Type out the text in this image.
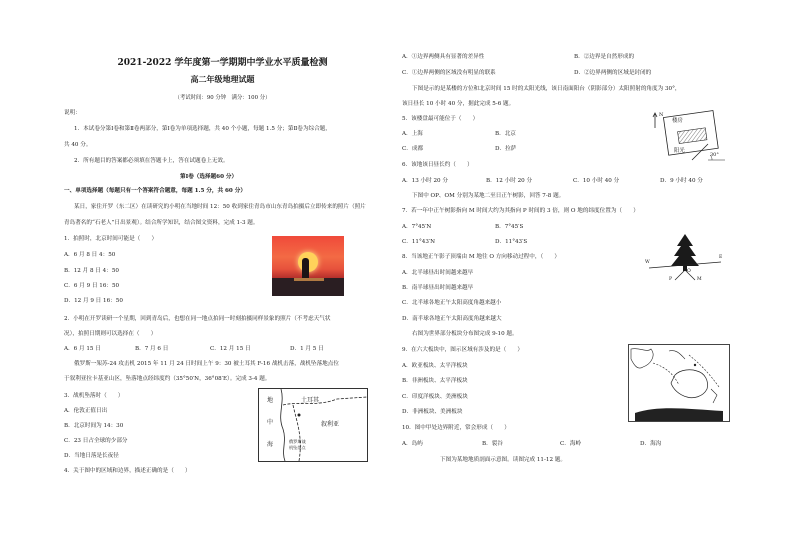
2021-2022 学年度第一学期期中学业水平质量检测
高二年级地理试题
（考试时间：90 分钟　满分：100 分）
说明：
1．本试卷分第Ⅰ卷和第Ⅱ卷两部分，第Ⅰ卷为单项选择题，共 40 个小题，每题 1.5 分；第Ⅱ卷为综合题，
共 40 分。
2．所有题目的答案都必须填在答题卡上，答在试题卷上无效。
第Ⅰ卷（选择题60 分）
一、单项选择题（每题只有一个答案符合题意，每题 1.5 分，共 60 分）
某日，家住开罗（东二区）在读研究的小明在当地时间 12：50 收到家住青岛市山东青岛拍摄后立即传来的照片（照片
青岛著名的“石老人”日出景观）。结合所学知识，结合图文资料，完成 1-3 题。
1．拍照时，北京时间可能是（　　）
A．6 月 8 日 4：50
B．12 月 8 日 4：50
C．6 月 9 日 16：50
D．12 月 9 日 16：50
2．小明在开罗读研一个星期，回到青岛后，也想在同一地点拍同一时刻拍摄同样景象的照片（不考虑天气状
况），拍照日期则可以选择在（　　）
A．6 月 15 日	B．7 月 6 日	C．12 月 15 日	D．1 月 5 日
俄罗斯一架苏-24 攻击机 2015 年 11 月 24 日时间上午 9：30 被土耳其 F-16 战机击落，战机坠落地点位
于叙利亚拉卡基亚山区，坠落地点经纬度约（35°50′N，36°08′E）。完成 3-4 题。
3．战机坠落时（　　）
A．伦敦正值日出
B．北京时间为 14：30
C．23 日占全球的少部分
D．当地日落是长夜径
4．关于图中的区域和边界，描述正确的是（　　）
地
中
海
土耳其
叙利亚
俄罗斯战
机坠落点
A．①边界两侧具有显著的差异性	B．②边界是自然形成的
C．①边界两侧的区域没有明显的联系	D．②边界两侧的区域是封闭的
下图是示的是某楼的方位和北京时间 15 时的太阳光线，该日南面阳台（阴影部分）太阳照射的角度为 30°，
该日昼长 10 小时 40 分，据此完成 5-6 题。
5．该楼盘最可能位于（　　）
A．上海	B．北京
C．成都	D．拉萨
6．该地该日昼长约（　　）
A．13 小时 20 分	B．12 小时 20 分	C．10 小时 40 分	D．9 小时 40 分
N
楼房
阳光
30°
下图中 OP、OM 分别为某地二至日正午树影，回答 7-8 题。
7．若一年中正午树影指向 M 时间大约为其指向 P 时间的 3 倍，则 O 地的纬度位置为（　　）
A．7°45′N	B．7°45′S
C．11°43′N	D．11°43′S
W
E
P
O
M
8．当该地正午影子顶端由 M 地往 O 方向移动过程中，（　　）
A．北半球昼出时间越来越早
B．南半球昼出时间越来越早
C．北半球各地正午太阳高度角越来越小
D．南半球各地正午太阳高度角越来越大
右图为世界部分板块分布图完成 9-10 题。
9．在六大板块中，图示区域有涉及的是（　　）
A．欧亚板块、太平洋板块
B．非洲板块、太平洋板块
C．印度洋板块、美洲板块
D．非洲板块、美洲板块
10．图中甲处边界附近，常会形成（　　）
A．岛屿	B．裂谷	C．海岭	D．海沟
下图为某地地质剖面示意图。读图完成 11-12 题。
